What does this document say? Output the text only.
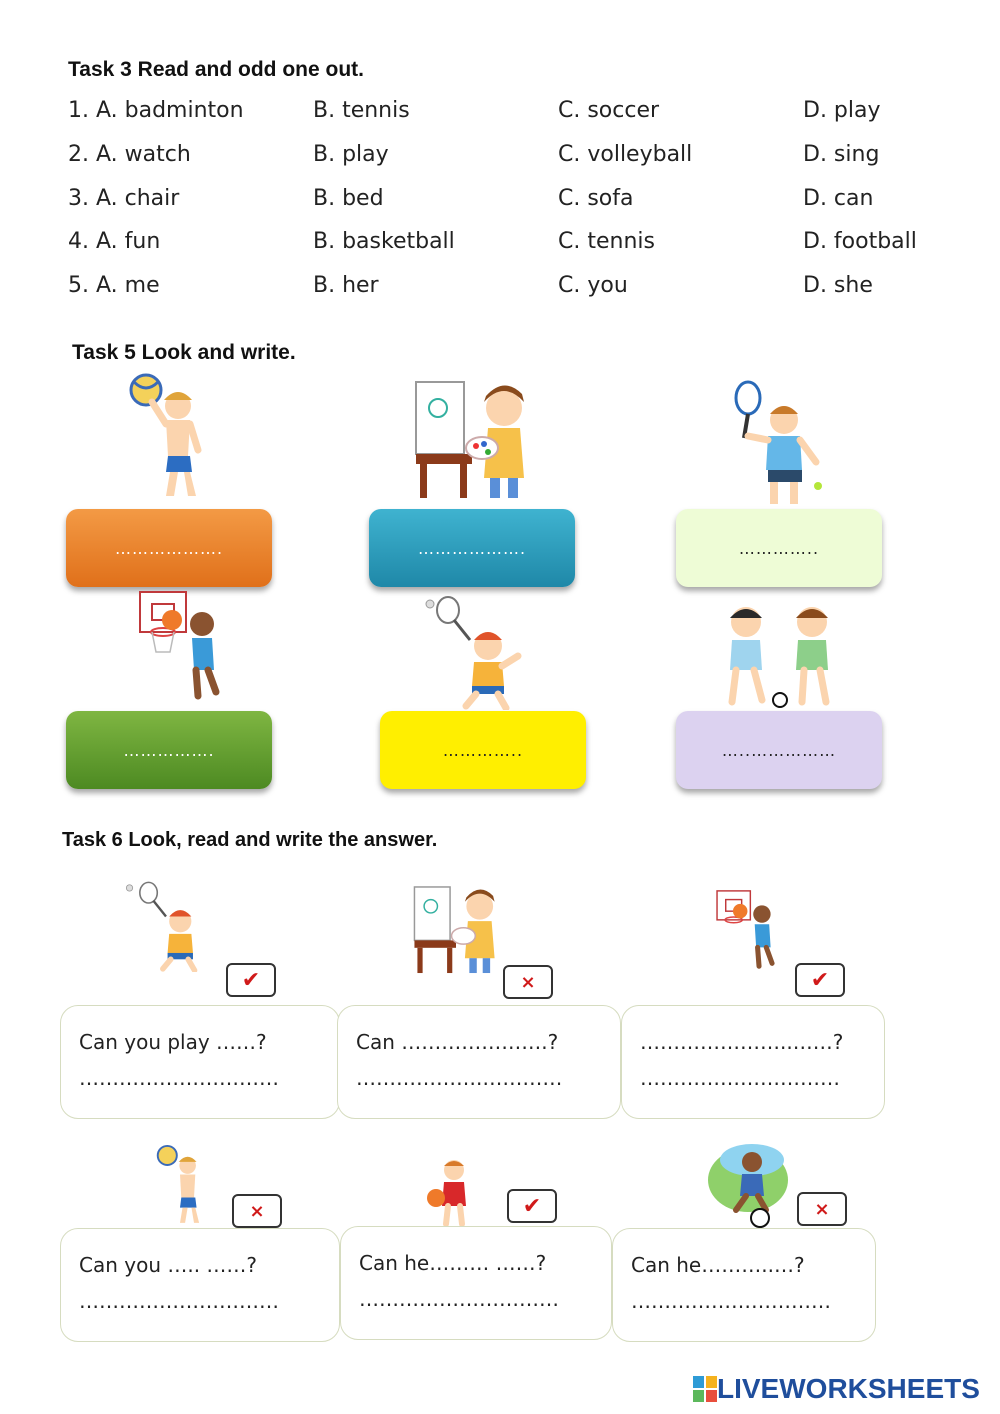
Task 3 Read and odd one out.
1. A. badminton	B. tennis	C. soccer	D. play
2. A. watch	B. play	C. volleyball	D. sing
3. A. chair	B. bed	C. sofa	D. can
4. A. fun	B. basketball	C. tennis	D. football
5. A. me	B. her	C. you	D. she
Task 5 Look and write.
……………….	……………….	…………..
…………….	…………..	…..……………
Task 6 Look, read and write the answer.
✔	×	✔
Can you play ……?
…………………………
Can ………………….?
……………….…………
…………………..……?
…………………………
×	✔	×
Can you ….. ……?
…………………………
Can he……… ……?
…………………………
Can he………..…?
…………………………
LIVEWORKSHEETS
